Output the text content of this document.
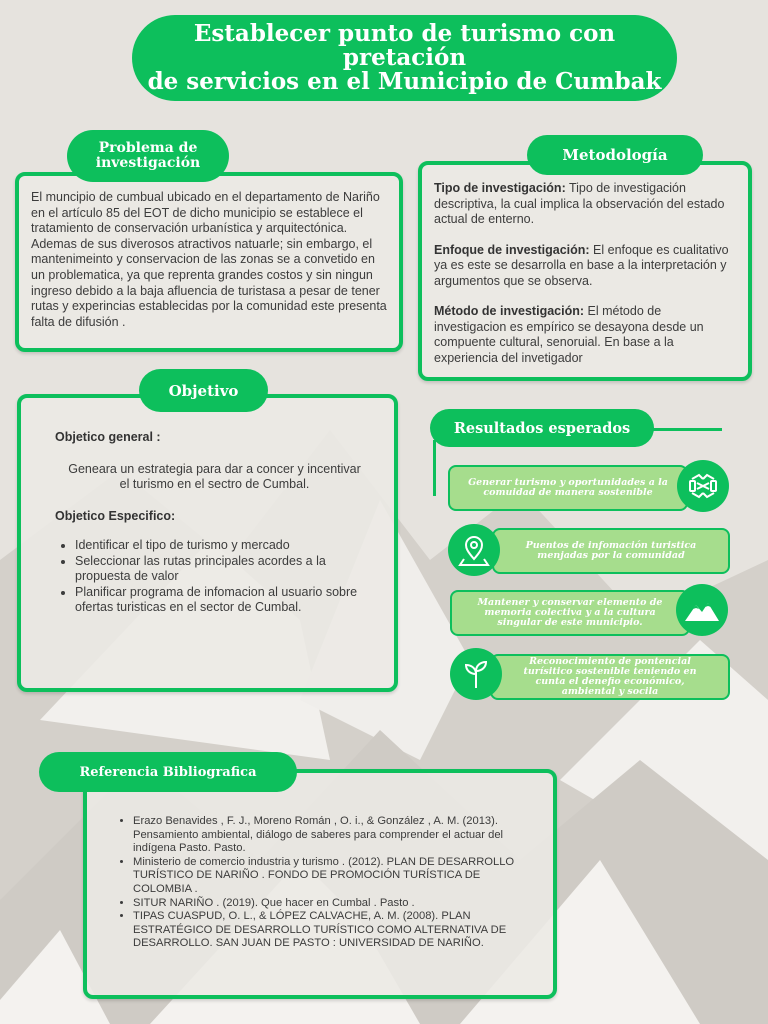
Establecer punto de turismo con pretación
de servicios en el Municipio de Cumbak
El muncipio de cumbual ubicado en el departamento de Nariño en el artículo 85 del EOT de dicho municipio se establece el tratamiento de conservación urbanística y arquitectónica. Ademas de sus diverosos atractivos natuarle; sin embargo, el mantenimeinto y conservacion de las zonas se a convetido en un problematica, ya que reprenta grandes costos y sin ningun ingreso debido a la baja afluencia de turistasa a pesar de tener rutas y experincias establecidas por la comunidad este presenta falta de difusión .
Problema de
investigación
Tipo de investigación: Tipo de investigación descriptiva, la cual implica la observación del estado actual de enterno.
Enfoque de investigación: El enfoque es cualitativo ya es este se desarrolla en base a la interpretación y argumentos que se observa.
Método de investigación: El método de investigacion es empírico se desayona desde un compuente cultural, senoruial. En base a la experiencia del invetigador
Metodología
Objetico general :
Geneara un estrategia para dar a concer y incentivar el turismo en el sectro de Cumbal.
Objetico Especifico:
• Identificar el tipo de turismo y mercado
• Seleccionar las rutas principales acordes a la propuesta de valor
• Planificar programa de infomacion al usuario sobre ofertas turisticas en el sector de Cumbal.
Objetivo
Resultados esperados
Generar turismo y oportunidades a la comuidad de manera sostenible
Puentos de infomación turistica menjadas por la comunidad
Mantener y conservar elemento de memoria colectiva y a la cultura singular de este municipio.
Reconocimiento de pontencial turísitico sostenible teniendo en cunta el denefio económico, ambiental y socila
• Erazo Benavides , F. J., Moreno Román , O. i., & González , A. M. (2013). Pensamiento ambiental, diálogo de saberes para comprender el actuar del indígena Pasto. Pasto.
• Ministerio de comercio industria y turismo . (2012). PLAN DE DESARROLLO TURÍSTICO DE NARIÑO . FONDO DE PROMOCIÓN TURÍSTICA DE COLOMBIA .
• SITUR NARIÑO . (2019). Que hacer en Cumbal . Pasto .
• TIPAS CUASPUD, O. L., & LÓPEZ CALVACHE, A. M. (2008). PLAN ESTRATÉGICO DE DESARROLLO TURÍSTICO COMO ALTERNATIVA DE DESARROLLO. SAN JUAN DE PASTO : UNIVERSIDAD DE NARIÑO.
Referencia Bibliografica
